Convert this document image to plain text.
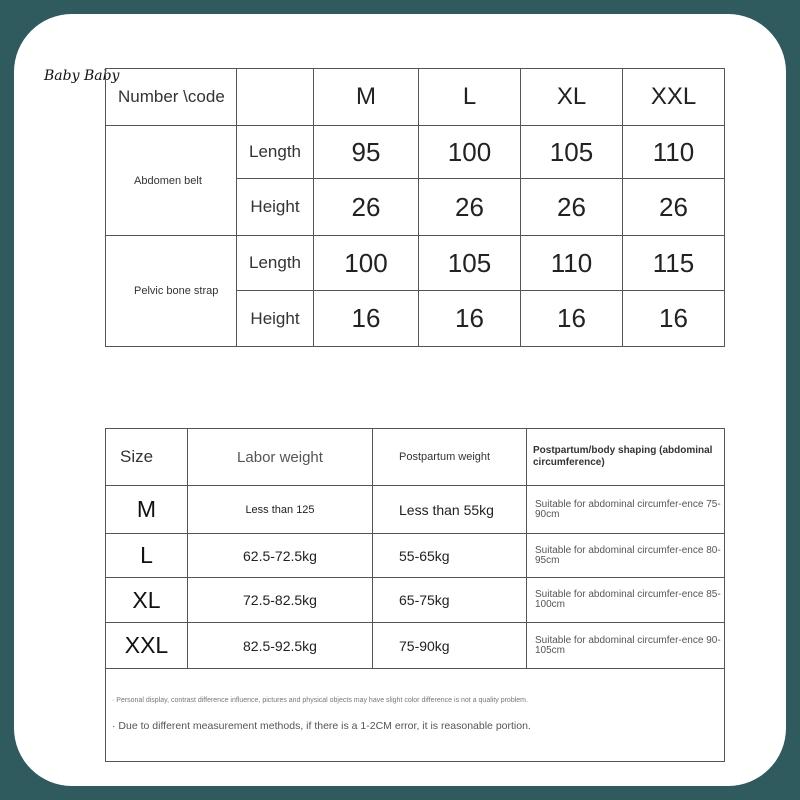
Baby Baby
Number \code		M	L	XL	XXL
Abdomen belt	Length	95	100	105	110
	Height	26	26	26	26
Pelvic bone strap	Length	100	105	110	115
	Height	16	16	16	16
Size	Labor weight	Postpartum weight	Postpartum/body shaping (abdominal circumference)
M	Less than 125	Less than 55kg	Suitable for abdominal circumfer-ence 75-90cm
L	62.5-72.5kg	55-65kg	Suitable for abdominal circumfer-ence 80-95cm
XL	72.5-82.5kg	65-75kg	Suitable for abdominal circumfer-ence 85-100cm
XXL	82.5-92.5kg	75-90kg	Suitable for abdominal circumfer-ence 90-105cm

· Personal display, contrast difference influence, pictures and physical objects may have slight color difference is not a quality problem.
· Due to different measurement methods, if there is a 1-2CM error, it is reasonable portion.			
